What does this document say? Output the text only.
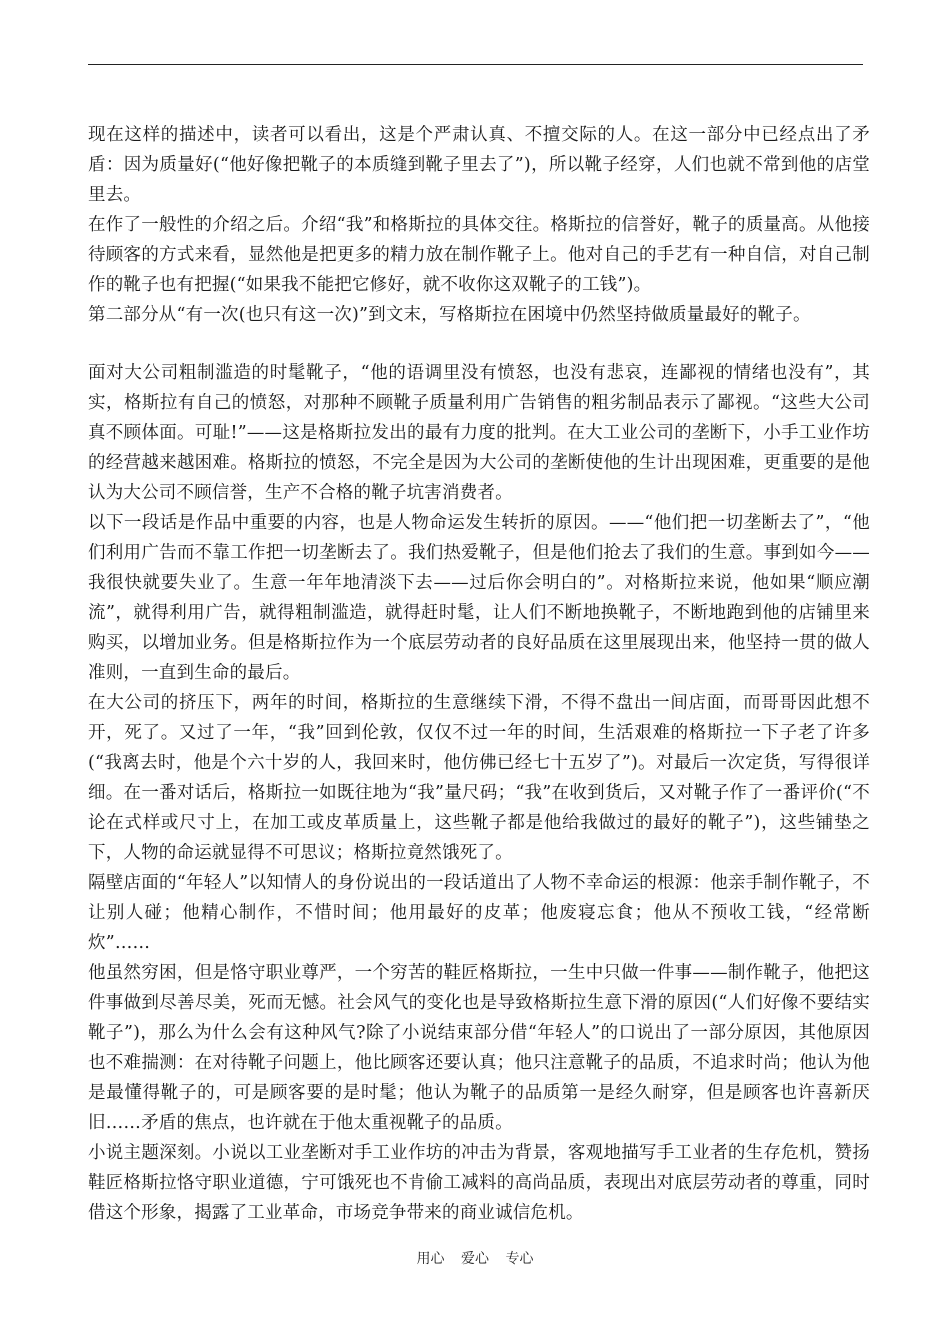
现在这样的描述中，读者可以看出，这是个严肃认真、不擅交际的人。在这一部分中已经点出了矛盾：因为质量好(“他好像把靴子的本质缝到靴子里去了”)，所以靴子经穿，人们也就不常到他的店堂里去。

在作了一般性的介绍之后。介绍“我”和格斯拉的具体交往。格斯拉的信誉好，靴子的质量高。从他接待顾客的方式来看，显然他是把更多的精力放在制作靴子上。他对自己的手艺有一种自信，对自己制作的靴子也有把握(“如果我不能把它修好，就不收你这双靴子的工钱”)。

第二部分从“有一次(也只有这一次)”到文末，写格斯拉在困境中仍然坚持做质量最好的靴子。

面对大公司粗制滥造的时髦靴子，“他的语调里没有愤怒，也没有悲哀，连鄙视的情绪也没有”，其实，格斯拉有自己的愤怒，对那种不顾靴子质量利用广告销售的粗劣制品表示了鄙视。“这些大公司真不顾体面。可耻!”——这是格斯拉发出的最有力度的批判。在大工业公司的垄断下，小手工业作坊的经营越来越困难。格斯拉的愤怒，不完全是因为大公司的垄断使他的生计出现困难，更重要的是他认为大公司不顾信誉，生产不合格的靴子坑害消费者。

以下一段话是作品中重要的内容，也是人物命运发生转折的原因。——“他们把一切垄断去了”，“他们利用广告而不靠工作把一切垄断去了。我们热爱靴子，但是他们抢去了我们的生意。事到如今——我很快就要失业了。生意一年年地清淡下去——过后你会明白的”。对格斯拉来说，他如果“顺应潮流”，就得利用广告，就得粗制滥造，就得赶时髦，让人们不断地换靴子，不断地跑到他的店铺里来购买，以增加业务。但是格斯拉作为一个底层劳动者的良好品质在这里展现出来，他坚持一贯的做人准则，一直到生命的最后。

在大公司的挤压下，两年的时间，格斯拉的生意继续下滑，不得不盘出一间店面，而哥哥因此想不开，死了。又过了一年，“我”回到伦敦，仅仅不过一年的时间，生活艰难的格斯拉一下子老了许多(“我离去时，他是个六十岁的人，我回来时，他仿佛已经七十五岁了”)。对最后一次定货，写得很详细。在一番对话后，格斯拉一如既往地为“我”量尺码；“我”在收到货后，又对靴子作了一番评价(“不论在式样或尺寸上，在加工或皮革质量上，这些靴子都是他给我做过的最好的靴子”)，这些铺垫之下，人物的命运就显得不可思议；格斯拉竟然饿死了。

隔壁店面的“年轻人”以知情人的身份说出的一段话道出了人物不幸命运的根源：他亲手制作靴子，不让别人碰；他精心制作，不惜时间；他用最好的皮革；他废寝忘食；他从不预收工钱，“经常断炊”……

他虽然穷困，但是恪守职业尊严，一个穷苦的鞋匠格斯拉，一生中只做一件事——制作靴子，他把这件事做到尽善尽美，死而无憾。社会风气的变化也是导致格斯拉生意下滑的原因(“人们好像不要结实靴子”)，那么为什么会有这种风气?除了小说结束部分借“年轻人”的口说出了一部分原因，其他原因也不难揣测：在对待靴子问题上，他比顾客还要认真；他只注意靴子的品质，不追求时尚；他认为他是最懂得靴子的，可是顾客要的是时髦；他认为靴子的品质第一是经久耐穿，但是顾客也许喜新厌旧……矛盾的焦点，也许就在于他太重视靴子的品质。

小说主题深刻。小说以工业垄断对手工业作坊的冲击为背景，客观地描写手工业者的生存危机，赞扬鞋匠格斯拉恪守职业道德，宁可饿死也不肯偷工减料的高尚品质，表现出对底层劳动者的尊重，同时借这个形象，揭露了工业革命，市场竞争带来的商业诚信危机。

用心 爱心 专心
